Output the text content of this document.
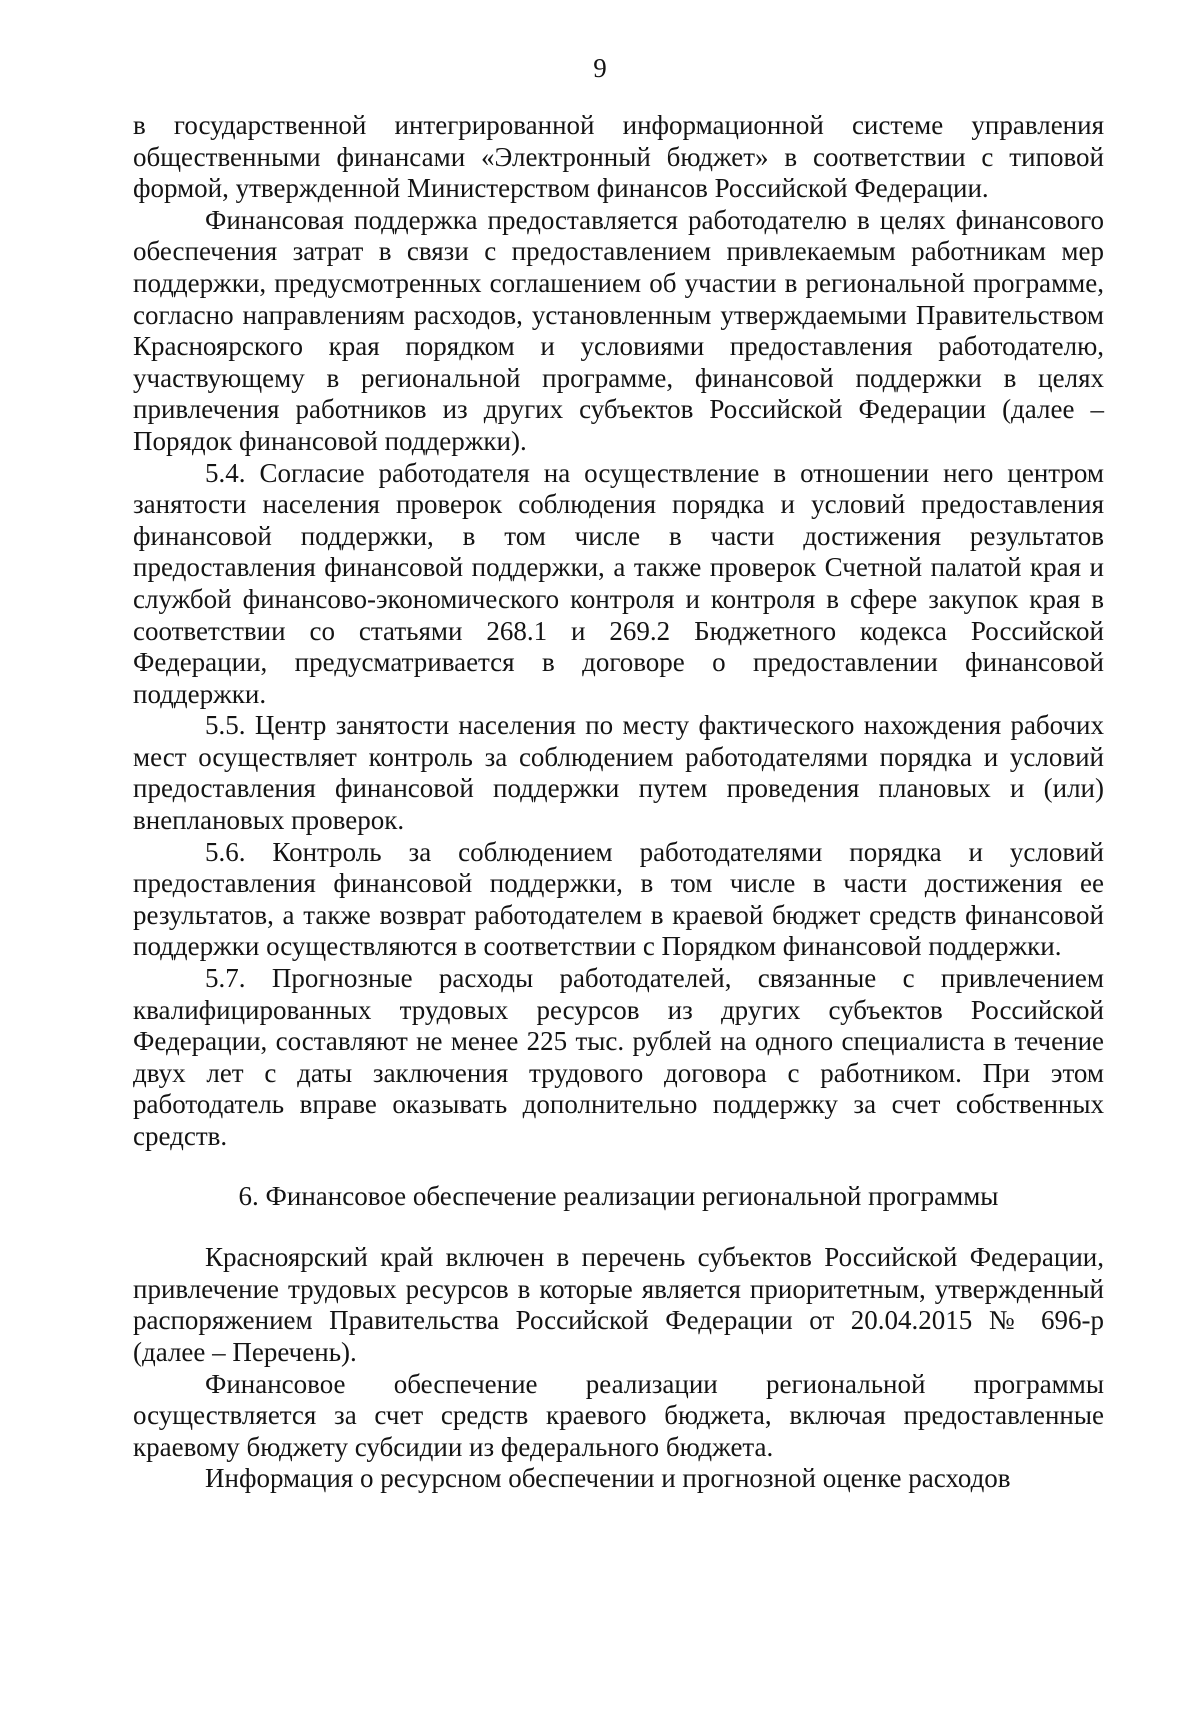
9

в государственной интегрированной информационной системе управления общественными финансами «Электронный бюджет» в соответствии с типовой формой, утвержденной Министерством финансов Российской Федерации.

Финансовая поддержка предоставляется работодателю в целях финансового обеспечения затрат в связи с предоставлением привлекаемым работникам мер поддержки, предусмотренных соглашением об участии в региональной программе, согласно направлениям расходов, установленным утверждаемыми Правительством Красноярского края порядком и условиями предоставления работодателю, участвующему в региональной программе, финансовой поддержки в целях привлечения работников из других субъектов Российской Федерации (далее – Порядок финансовой поддержки).

5.4. Согласие работодателя на осуществление в отношении него центром занятости населения проверок соблюдения порядка и условий предоставления финансовой поддержки, в том числе в части достижения результатов предоставления финансовой поддержки, а также проверок Счетной палатой края и службой финансово-экономического контроля и контроля в сфере закупок края в соответствии со статьями 268.1 и 269.2 Бюджетного кодекса Российской Федерации, предусматривается в договоре о предоставлении финансовой поддержки.

5.5. Центр занятости населения по месту фактического нахождения рабочих мест осуществляет контроль за соблюдением работодателями порядка и условий предоставления финансовой поддержки путем проведения плановых и (или) внеплановых проверок.

5.6. Контроль за соблюдением работодателями порядка и условий предоставления финансовой поддержки, в том числе в части достижения ее результатов, а также возврат работодателем в краевой бюджет средств финансовой поддержки осуществляются в соответствии с Порядком финансовой поддержки.

5.7. Прогнозные расходы работодателей, связанные с привлечением квалифицированных трудовых ресурсов из других субъектов Российской Федерации, составляют не менее 225 тыс. рублей на одного специалиста в течение двух лет с даты заключения трудового договора с работником. При этом работодатель вправе оказывать дополнительно поддержку за счет собственных средств.

6. Финансовое обеспечение реализации региональной программы

Красноярский край включен в перечень субъектов Российской Федерации, привлечение трудовых ресурсов в которые является приоритетным, утвержденный распоряжением Правительства Российской Федерации от 20.04.2015 № 696-р (далее – Перечень).

Финансовое обеспечение реализации региональной программы осуществляется за счет средств краевого бюджета, включая предоставленные краевому бюджету субсидии из федерального бюджета.

Информация о ресурсном обеспечении и прогнозной оценке расходов
